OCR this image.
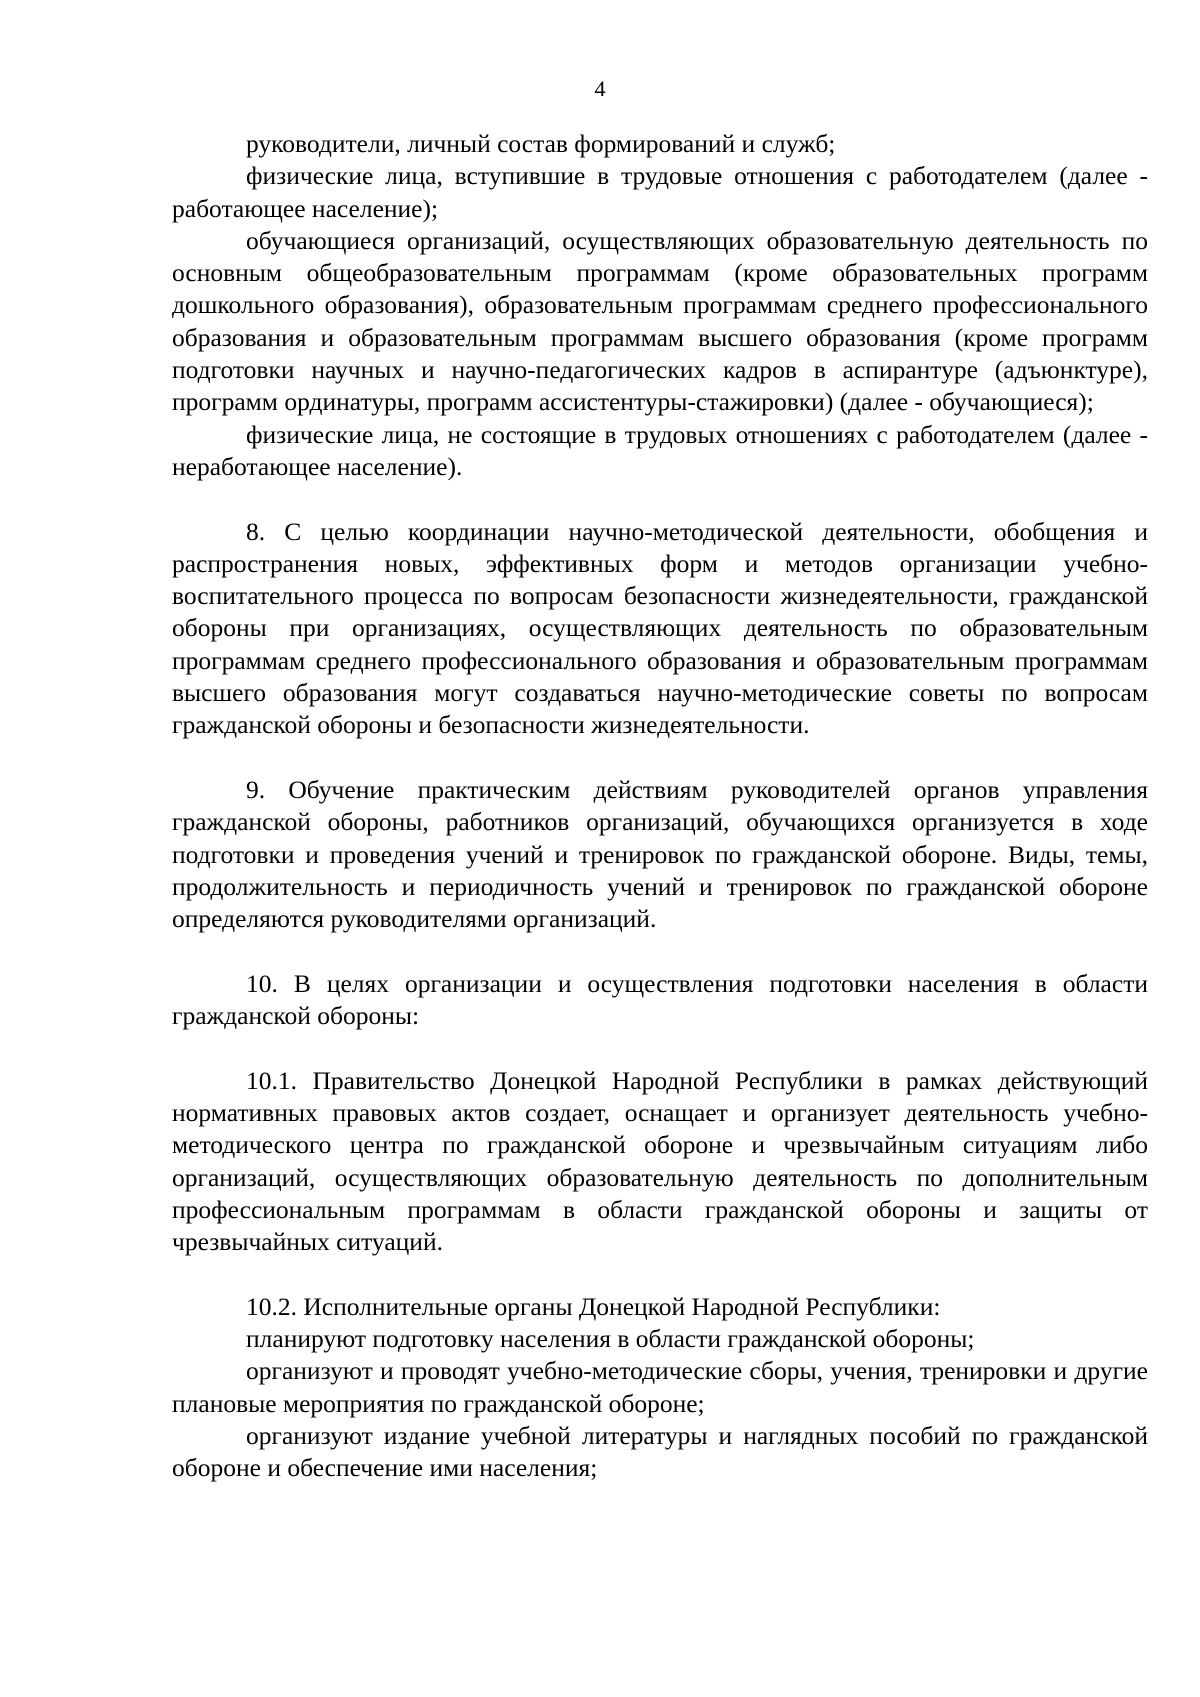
4

руководители, личный состав формирований и служб;

физические лица, вступившие в трудовые отношения с работодателем (далее - работающее население);

обучающиеся организаций, осуществляющих образовательную деятельность по основным общеобразовательным программам (кроме образовательных программ дошкольного образования), образовательным программам среднего профессионального образования и образовательным программам высшего образования (кроме программ подготовки научных и научно-педагогических кадров в аспирантуре (адъюнктуре), программ ординатуры, программ ассистентуры-стажировки) (далее - обучающиеся);

физические лица, не состоящие в трудовых отношениях с работодателем (далее - неработающее население).

8. С целью координации научно-методической деятельности, обобщения и распространения новых, эффективных форм и методов организации учебно-воспитательного процесса по вопросам безопасности жизнедеятельности, гражданской обороны при организациях, осуществляющих деятельность по образовательным программам среднего профессионального образования и образовательным программам высшего образования могут создаваться научно-методические советы по вопросам гражданской обороны и безопасности жизнедеятельности.

9. Обучение практическим действиям руководителей органов управления гражданской обороны, работников организаций, обучающихся организуется в ходе подготовки и проведения учений и тренировок по гражданской обороне. Виды, темы, продолжительность и периодичность учений и тренировок по гражданской обороне определяются руководителями организаций.

10. В целях организации и осуществления подготовки населения в области гражданской обороны:

10.1. Правительство Донецкой Народной Республики в рамках действующий нормативных правовых актов создает, оснащает и организует деятельность учебно-методического центра по гражданской обороне и чрезвычайным ситуациям либо организаций, осуществляющих образовательную деятельность по дополнительным профессиональным программам в области гражданской обороны и защиты от чрезвычайных ситуаций.

10.2. Исполнительные органы Донецкой Народной Республики:

планируют подготовку населения в области гражданской обороны;

организуют и проводят учебно-методические сборы, учения, тренировки и другие плановые мероприятия по гражданской обороне;

организуют издание учебной литературы и наглядных пособий по гражданской обороне и обеспечение ими населения;
